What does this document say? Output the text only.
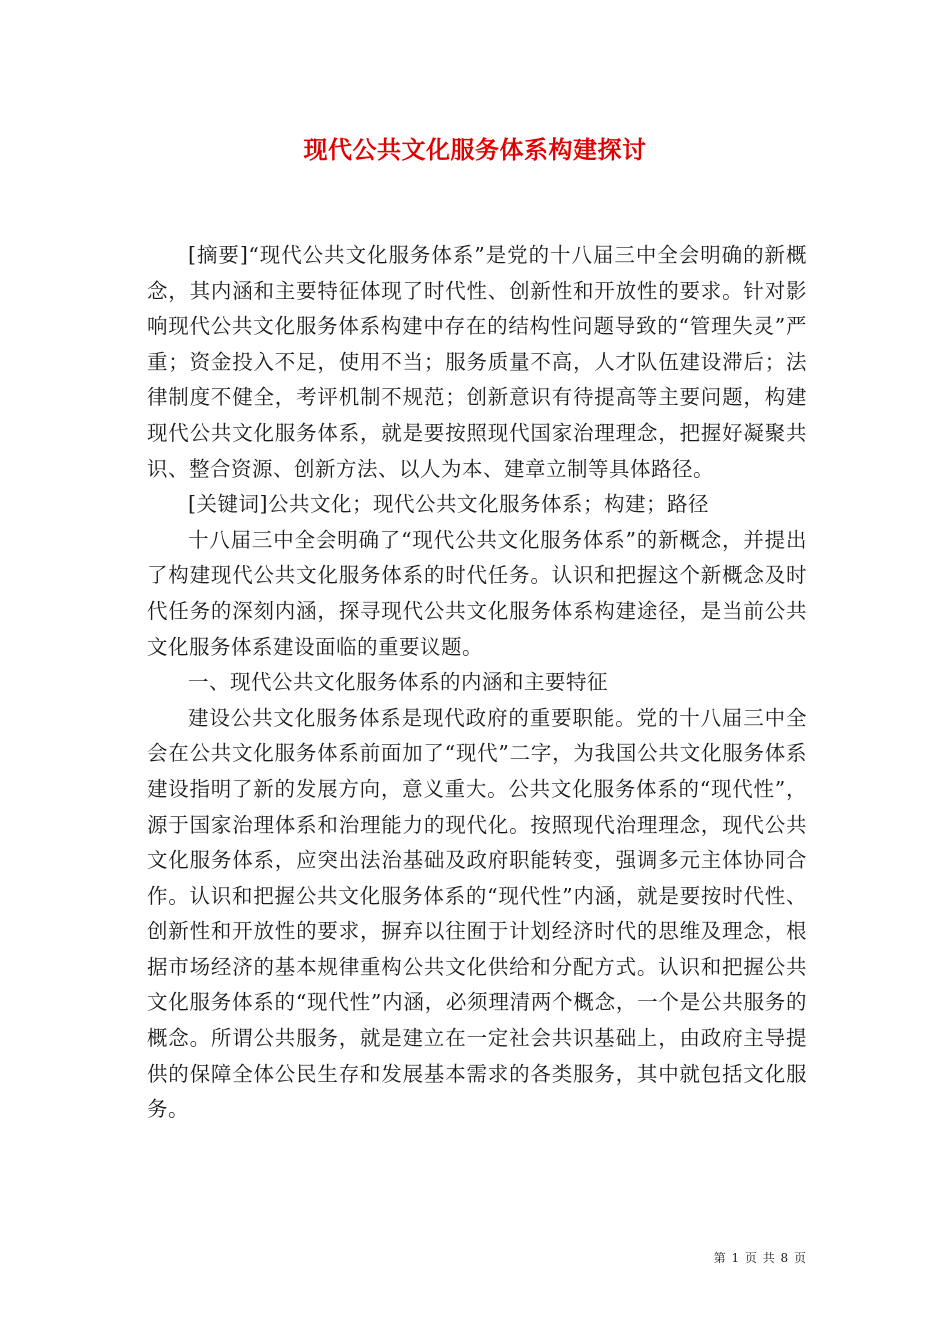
现代公共文化服务体系构建探讨

[摘要]“现代公共文化服务体系”是党的十八届三中全会明确的新概念，其内涵和主要特征体现了时代性、创新性和开放性的要求。针对影响现代公共文化服务体系构建中存在的结构性问题导致的“管理失灵”严重；资金投入不足，使用不当；服务质量不高，人才队伍建设滞后；法律制度不健全，考评机制不规范；创新意识有待提高等主要问题，构建现代公共文化服务体系，就是要按照现代国家治理理念，把握好凝聚共识、整合资源、创新方法、以人为本、建章立制等具体路径。

[关键词]公共文化；现代公共文化服务体系；构建；路径

十八届三中全会明确了“现代公共文化服务体系”的新概念，并提出了构建现代公共文化服务体系的时代任务。认识和把握这个新概念及时代任务的深刻内涵，探寻现代公共文化服务体系构建途径，是当前公共文化服务体系建设面临的重要议题。

一、现代公共文化服务体系的内涵和主要特征

建设公共文化服务体系是现代政府的重要职能。党的十八届三中全会在公共文化服务体系前面加了“现代”二字，为我国公共文化服务体系建设指明了新的发展方向，意义重大。公共文化服务体系的“现代性”，源于国家治理体系和治理能力的现代化。按照现代治理理念，现代公共文化服务体系，应突出法治基础及政府职能转变，强调多元主体协同合作。认识和把握公共文化服务体系的“现代性”内涵，就是要按时代性、创新性和开放性的要求，摒弃以往囿于计划经济时代的思维及理念，根据市场经济的基本规律重构公共文化供给和分配方式。认识和把握公共文化服务体系的“现代性”内涵，必须理清两个概念，一个是公共服务的概念。所谓公共服务，就是建立在一定社会共识基础上，由政府主导提供的保障全体公民生存和发展基本需求的各类服务，其中就包括文化服务。

第 1 页 共 8 页
